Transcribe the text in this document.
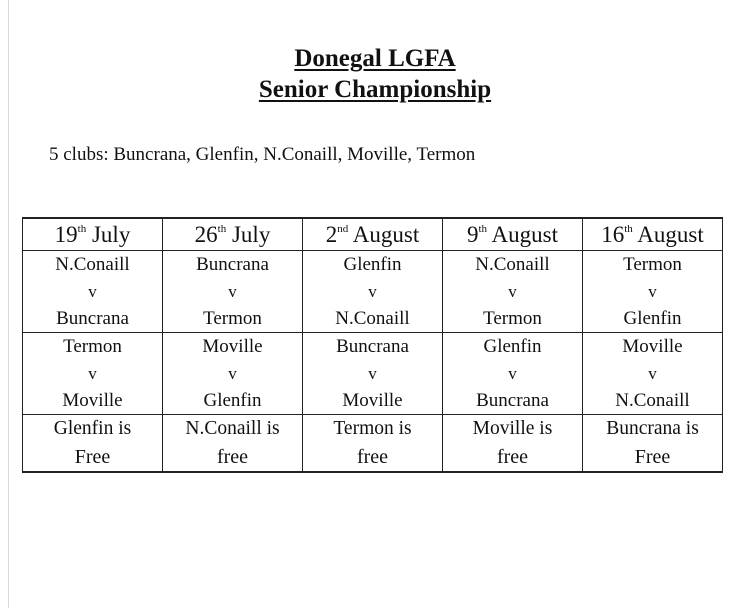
Donegal LGFA
Senior Championship
5 clubs: Buncrana, Glenfin, N.Conaill, Moville, Termon
19th July	26th July	2nd August	9th August	16th August
N.Conaill	Buncrana	Glenfin	N.Conaill	Termon
v	v	v	v	v
Buncrana	Termon	N.Conaill	Termon	Glenfin
Termon	Moville	Buncrana	Glenfin	Moville
v	v	v	v	v
Moville	Glenfin	Moville	Buncrana	N.Conaill
Glenfin is	N.Conaill is	Termon is	Moville is	Buncrana is
Free	free	free	free	Free
